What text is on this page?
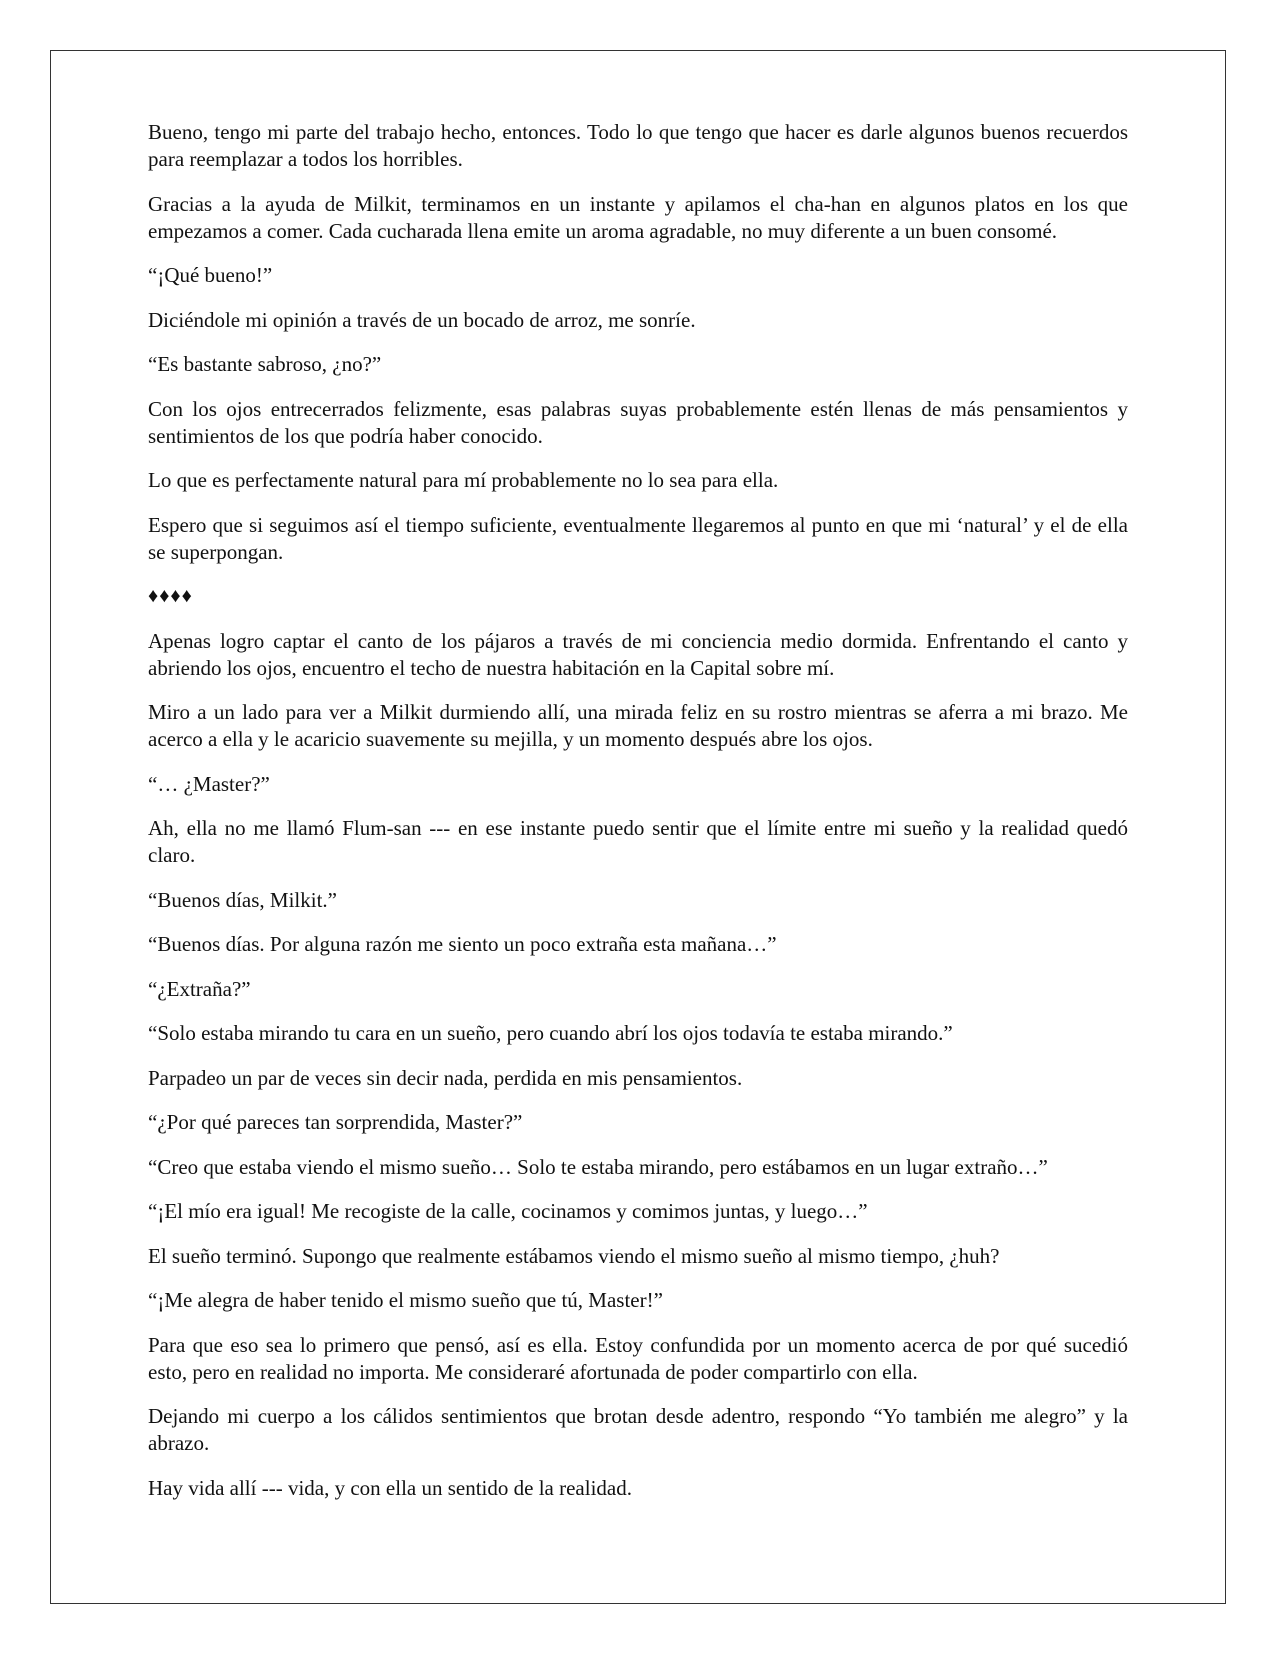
Bueno, tengo mi parte del trabajo hecho, entonces. Todo lo que tengo que hacer es darle algunos buenos recuerdos para reemplazar a todos los horribles.

Gracias a la ayuda de Milkit, terminamos en un instante y apilamos el cha-han en algunos platos en los que empezamos a comer. Cada cucharada llena emite un aroma agradable, no muy diferente a un buen consomé.

“¡Qué bueno!”

Diciéndole mi opinión a través de un bocado de arroz, me sonríe.

“Es bastante sabroso, ¿no?”

Con los ojos entrecerrados felizmente, esas palabras suyas probablemente estén llenas de más pensamientos y sentimientos de los que podría haber conocido.

Lo que es perfectamente natural para mí probablemente no lo sea para ella.

Espero que si seguimos así el tiempo suficiente, eventualmente llegaremos al punto en que mi ‘natural’ y el de ella se superpongan.

♦♦♦♦

Apenas logro captar el canto de los pájaros a través de mi conciencia medio dormida. Enfrentando el canto y abriendo los ojos, encuentro el techo de nuestra habitación en la Capital sobre mí.

Miro a un lado para ver a Milkit durmiendo allí, una mirada feliz en su rostro mientras se aferra a mi brazo. Me acerco a ella y le acaricio suavemente su mejilla, y un momento después abre los ojos.

“… ¿Master?”

Ah, ella no me llamó Flum-san --- en ese instante puedo sentir que el límite entre mi sueño y la realidad quedó claro.

“Buenos días, Milkit.”

“Buenos días. Por alguna razón me siento un poco extraña esta mañana…”

“¿Extraña?”

“Solo estaba mirando tu cara en un sueño, pero cuando abrí los ojos todavía te estaba mirando.”

Parpadeo un par de veces sin decir nada, perdida en mis pensamientos.

“¿Por qué pareces tan sorprendida, Master?”

“Creo que estaba viendo el mismo sueño… Solo te estaba mirando, pero estábamos en un lugar extraño…”

“¡El mío era igual! Me recogiste de la calle, cocinamos y comimos juntas, y luego…”

El sueño terminó. Supongo que realmente estábamos viendo el mismo sueño al mismo tiempo, ¿huh?

“¡Me alegra de haber tenido el mismo sueño que tú, Master!”

Para que eso sea lo primero que pensó, así es ella. Estoy confundida por un momento acerca de por qué sucedió esto, pero en realidad no importa. Me consideraré afortunada de poder compartirlo con ella.

Dejando mi cuerpo a los cálidos sentimientos que brotan desde adentro, respondo “Yo también me alegro” y la abrazo.

Hay vida allí --- vida, y con ella un sentido de la realidad.
